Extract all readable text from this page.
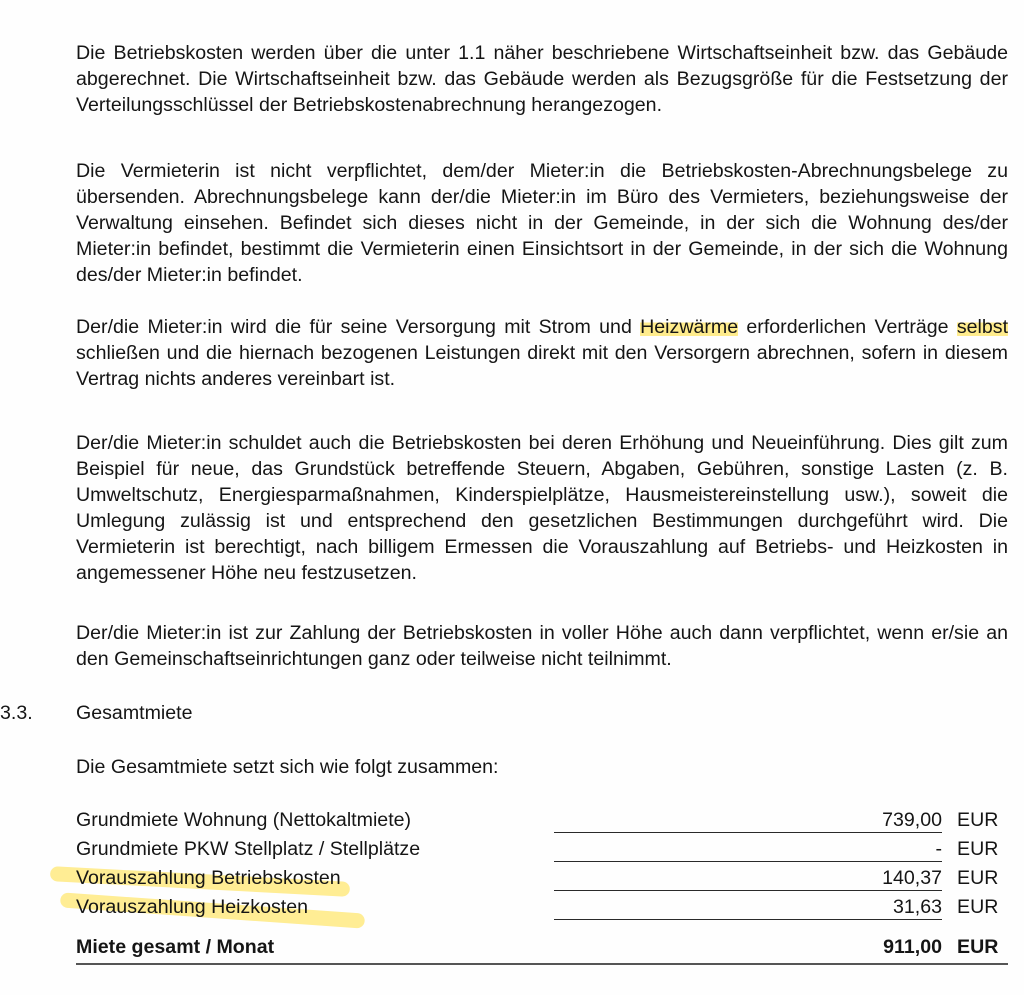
Die Betriebskosten werden über die unter 1.1 näher beschriebene Wirtschaftseinheit bzw. das Gebäude abgerechnet. Die Wirtschaftseinheit bzw. das Gebäude werden als Bezugsgröße für die Festsetzung der Verteilungsschlüssel der Betriebskostenabrechnung herangezogen.

Die Vermieterin ist nicht verpflichtet, dem/der Mieter:in die Betriebskosten-Abrechnungsbelege zu übersenden. Abrechnungsbelege kann der/die Mieter:in im Büro des Vermieters, beziehungsweise der Verwaltung einsehen. Befindet sich dieses nicht in der Gemeinde, in der sich die Wohnung des/der Mieter:in befindet, bestimmt die Vermieterin einen Einsichtsort in der Gemeinde, in der sich die Wohnung des/der Mieter:in befindet.

Der/die Mieter:in wird die für seine Versorgung mit Strom und Heizwärme erforderlichen Verträge selbst schließen und die hiernach bezogenen Leistungen direkt mit den Versorgern abrechnen, sofern in diesem Vertrag nichts anderes vereinbart ist.

Der/die Mieter:in schuldet auch die Betriebskosten bei deren Erhöhung und Neueinführung. Dies gilt zum Beispiel für neue, das Grundstück betreffende Steuern, Abgaben, Gebühren, sonstige Lasten (z. B. Umweltschutz, Energiesparmaßnahmen, Kinderspielplätze, Hausmeistereinstellung usw.), soweit die Umlegung zulässig ist und entsprechend den gesetzlichen Bestimmungen durchgeführt wird. Die Vermieterin ist berechtigt, nach billigem Ermessen die Vorauszahlung auf Betriebs- und Heizkosten in angemessener Höhe neu festzusetzen.

Der/die Mieter:in ist zur Zahlung der Betriebskosten in voller Höhe auch dann verpflichtet, wenn er/sie an den Gemeinschaftseinrichtungen ganz oder teilweise nicht teilnimmt.

3.3. Gesamtmiete
Die Gesamtmiete setzt sich wie folgt zusammen:
Grundmiete Wohnung (Nettokaltmiete)	739,00 EUR
Grundmiete PKW Stellplatz / Stellplätze	- EUR
Vorauszahlung Betriebskosten	140,37 EUR
Vorauszahlung Heizkosten	31,63 EUR
Miete gesamt / Monat	911,00 EUR
